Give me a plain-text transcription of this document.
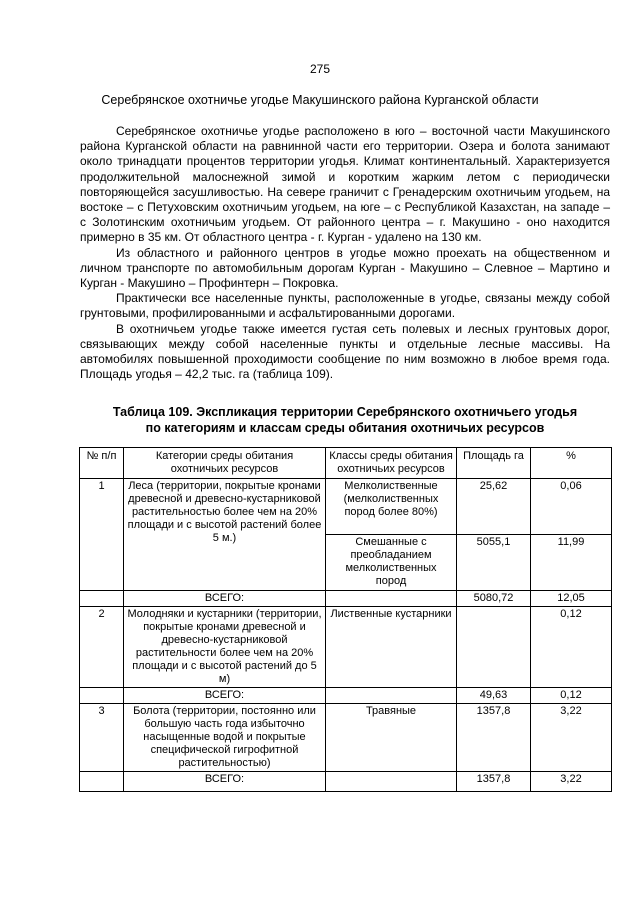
275
Серебрянское охотничье угодье Макушинского района Курганской области

Серебрянское охотничье угодье расположено в юго – восточной части Макушинского района Курганской области на равнинной части его территории. Озера и болота занимают около тринадцати процентов территории угодья. Климат континентальный. Характеризуется продолжительной малоснежной зимой и коротким жарким летом с периодически повторяющейся засушливостью. На севере граничит с Гренадерским охотничьим угодьем, на востоке – с Петуховским охотничьим угодьем, на юге – с Республикой Казахстан, на западе – с Золотинским охотничьим угодьем. От районного центра – г. Макушино - оно находится примерно в 35 км. От областного центра - г. Курган - удалено на 130 км.

Из областного и районного центров в угодье можно проехать на общественном и личном транспорте по автомобильным дорогам Курган - Макушино – Слевное – Мартино и Курган - Макушино – Профинтерн – Покровка.

Практически все населенные пункты, расположенные в угодье, связаны между собой грунтовыми, профилированными и асфальтированными дорогами.

В охотничьем угодье также имеется густая сеть полевых и лесных грунтовых дорог, связывающих между собой населенные пункты и отдельные лесные массивы. На автомобилях повышенной проходимости сообщение по ним возможно в любое время года. Площадь угодья – 42,2 тыс. га (таблица 109).

Таблица 109. Экспликация территории Серебрянского охотничьего угодья
по категориям и классам среды обитания охотничьих ресурсов
№ п/п	Категории среды обитания охотничьих ресурсов	Классы среды обитания охотничьих ресурсов	Площадь га	%
1	Леса (территории, покрытые кронами древесной и древесно-кустарниковой растительностью более чем на 20% площади и с высотой растений более 5 м.)	Мелколиственные (мелколиственных пород более 80%)	25,62	0,06
		Смешанные с преобладанием мелколиственных пород	5055,1	11,99
	ВСЕГО:		5080,72	12,05
2	Молодняки и кустарники (территории, покрытые кронами древесной и древесно-кустарниковой растительности более чем на 20% площади и с высотой растений до 5 м)	Лиственные кустарники		0,12
	ВСЕГО:		49,63	0,12
3	Болота (территории, постоянно или большую часть года избыточно насыщенные водой и покрытые специфической гигрофитной растительностью)	Травяные	1357,8	3,22
	ВСЕГО:		1357,8	3,22
